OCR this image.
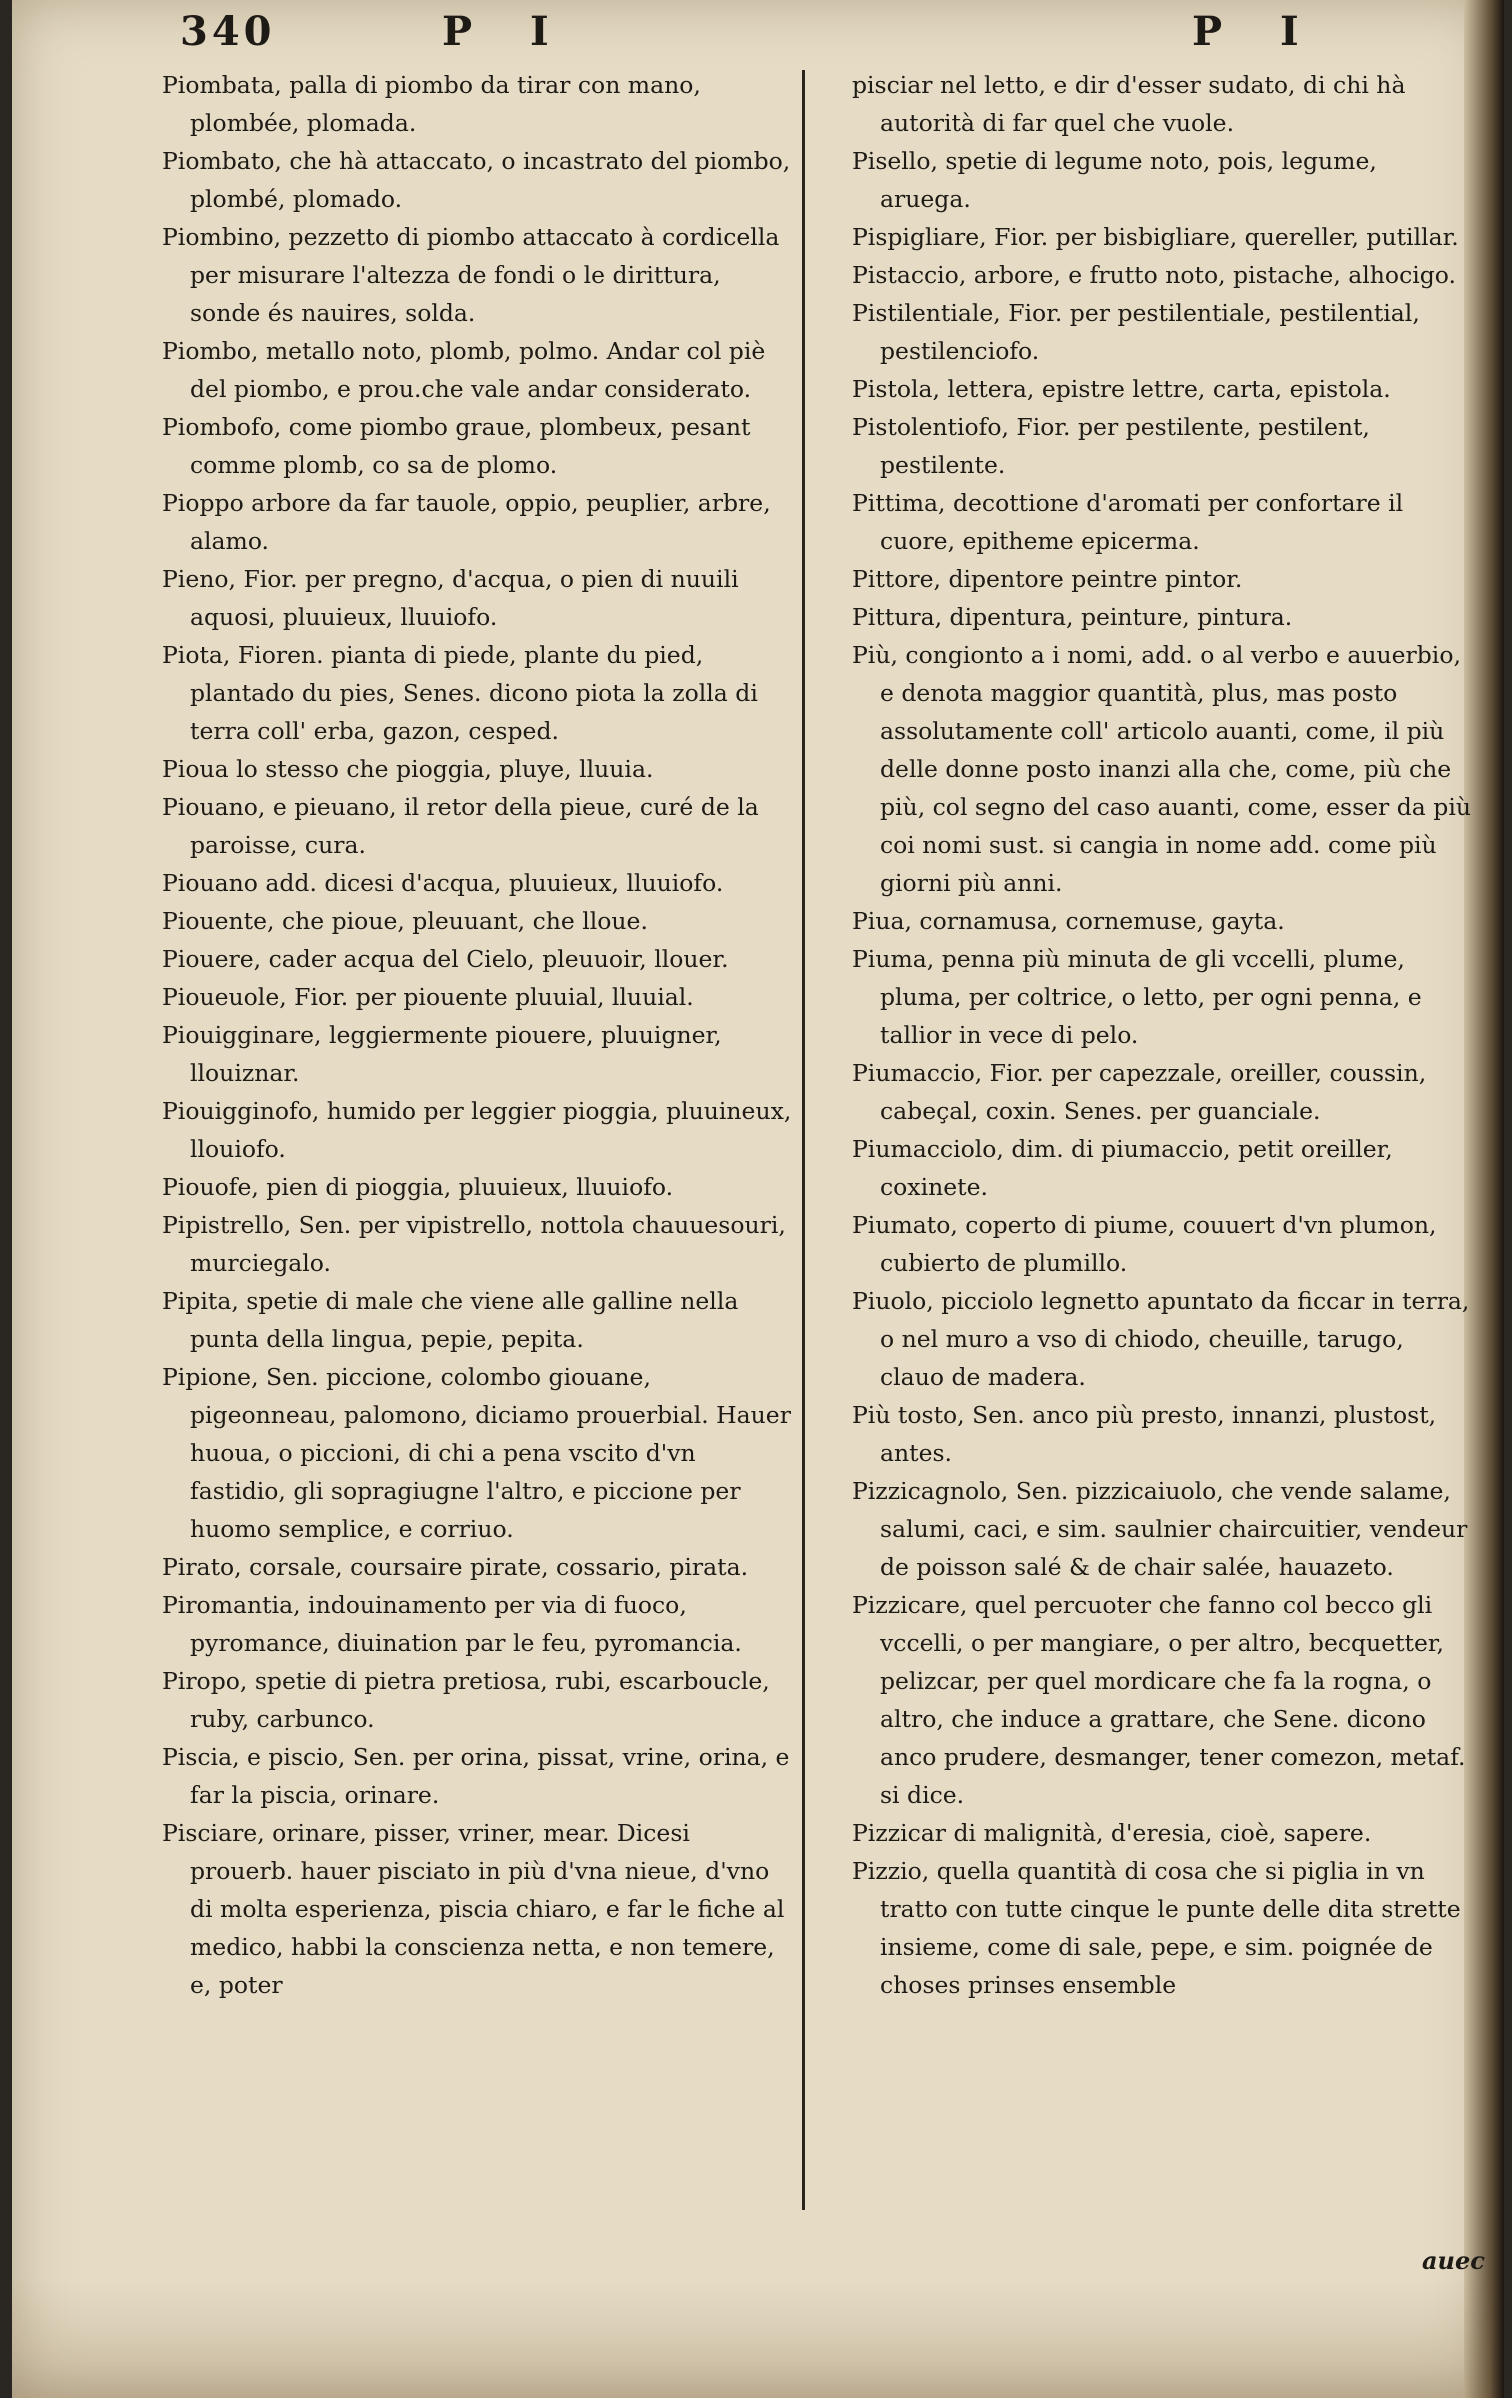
340	P I	P I
Piombata, palla di piombo da tirar con mano, plombée, plomada.
Piombato, che hà attaccato, o incastrato del piombo, plombé, plomado.
Piombino, pezzetto di piombo attaccato à cordicella per misurare l'altezza de fondi o le dirittura, sonde és nauires, solda.
Piombo, metallo noto, plomb, polmo. Andar col piè del piombo, e prou.che vale andar considerato.
Piombofo, come piombo graue, plombeux, pesant comme plomb, co sa de plomo.
Pioppo arbore da far tauole, oppio, peuplier, arbre, alamo.
Pieno, Fior. per pregno, d'acqua, o pien di nuuili aquosi, pluuieux, lluuiofo.
Piota, Fioren. pianta di piede, plante du pied, plantado du pies, Senes. dicono piota la zolla di terra coll' erba, gazon, cesped.
Pioua lo stesso che pioggia, pluye, lluuia.
Piouano, e pieuano, il retor della pieue, curé de la paroisse, cura.
Piouano add. dicesi d'acqua, pluuieux, lluuiofo.
Piouente, che pioue, pleuuant, che lloue.
Piouere, cader acqua del Cielo, pleuuoir, llouer.
Pioueuole, Fior. per piouente pluuial, lluuial.
Piouigginare, leggiermente piouere, pluuigner, llouiznar.
Piouigginofo, humido per leggier pioggia, pluuineux, llouiofo.
Piouofe, pien di pioggia, pluuieux, lluuiofo.
Pipistrello, Sen. per vipistrello, nottola chauuesouri, murciegalo.
Pipita, spetie di male che viene alle galline nella punta della lingua, pepie, pepita.
Pipione, Sen. piccione, colombo giouane, pigeonneau, palomono, diciamo prouerbial. Hauer huoua, o piccioni, di chi a pena vscito d'vn fastidio, gli sopragiugne l'altro, e piccione per huomo semplice, e corriuo.
Pirato, corsale, coursaire pirate, cossario, pirata.
Piromantia, indouinamento per via di fuoco, pyromance, diuination par le feu, pyromancia.
Piropo, spetie di pietra pretiosa, rubi, escarboucle, ruby, carbunco.
Piscia, e piscio, Sen. per orina, pissat, vrine, orina, e far la piscia, orinare.
Pisciare, orinare, pisser, vriner, mear. Dicesi prouerb. hauer pisciato in più d'vna nieue, d'vno di molta esperienza, piscia chiaro, e far le fiche al medico, habbi la conscienza netta, e non temere, e, poter
pisciar nel letto, e dir d'esser sudato, di chi hà autorità di far quel che vuole.
Pisello, spetie di legume noto, pois, legume, aruega.
Pispigliare, Fior. per bisbigliare, quereller, putillar.
Pistaccio, arbore, e frutto noto, pistache, alhocigo.
Pistilentiale, Fior. per pestilentiale, pestilential, pestilenciofo.
Pistola, lettera, epistre lettre, carta, epistola.
Pistolentiofo, Fior. per pestilente, pestilent, pestilente.
Pittima, decottione d'aromati per confortare il cuore, epitheme epicerma.
Pittore, dipentore peintre pintor.
Pittura, dipentura, peinture, pintura.
Più, congionto a i nomi, add. o al verbo e auuerbio, e denota maggior quantità, plus, mas posto assolutamente coll' articolo auanti, come, il più delle donne posto inanzi alla che, come, più che più, col segno del caso auanti, come, esser da più coi nomi sust. si cangia in nome add. come più giorni più anni.
Piua, cornamusa, cornemuse, gayta.
Piuma, penna più minuta de gli vccelli, plume, pluma, per coltrice, o letto, per ogni penna, e tallior in vece di pelo.
Piumaccio, Fior. per capezzale, oreiller, coussin, cabeçal, coxin. Senes. per guanciale.
Piumacciolo, dim. di piumaccio, petit oreiller, coxinete.
Piumato, coperto di piume, couuert d'vn plumon, cubierto de plumillo.
Piuolo, picciolo legnetto apuntato da ficcar in terra, o nel muro a vso di chiodo, cheuille, tarugo, clauo de madera.
Più tosto, Sen. anco più presto, innanzi, plustost, antes.
Pizzicagnolo, Sen. pizzicaiuolo, che vende salame, salumi, caci, e sim. saulnier chaircuitier, vendeur de poisson salé & de chair salée, hauazeto.
Pizzicare, quel percuoter che fanno col becco gli vccelli, o per mangiare, o per altro, becquetter, pelizcar, per quel mordicare che fa la rogna, o altro, che induce a grattare, che Sene. dicono anco prudere, desmanger, tener comezon, metaf. si dice.
Pizzicar di malignità, d'eresia, cioè, sapere.
Pizzio, quella quantità di cosa che si piglia in vn tratto con tutte cinque le punte delle dita strette insieme, come di sale, pepe, e sim. poignée de choses prinses ensemble
auec
